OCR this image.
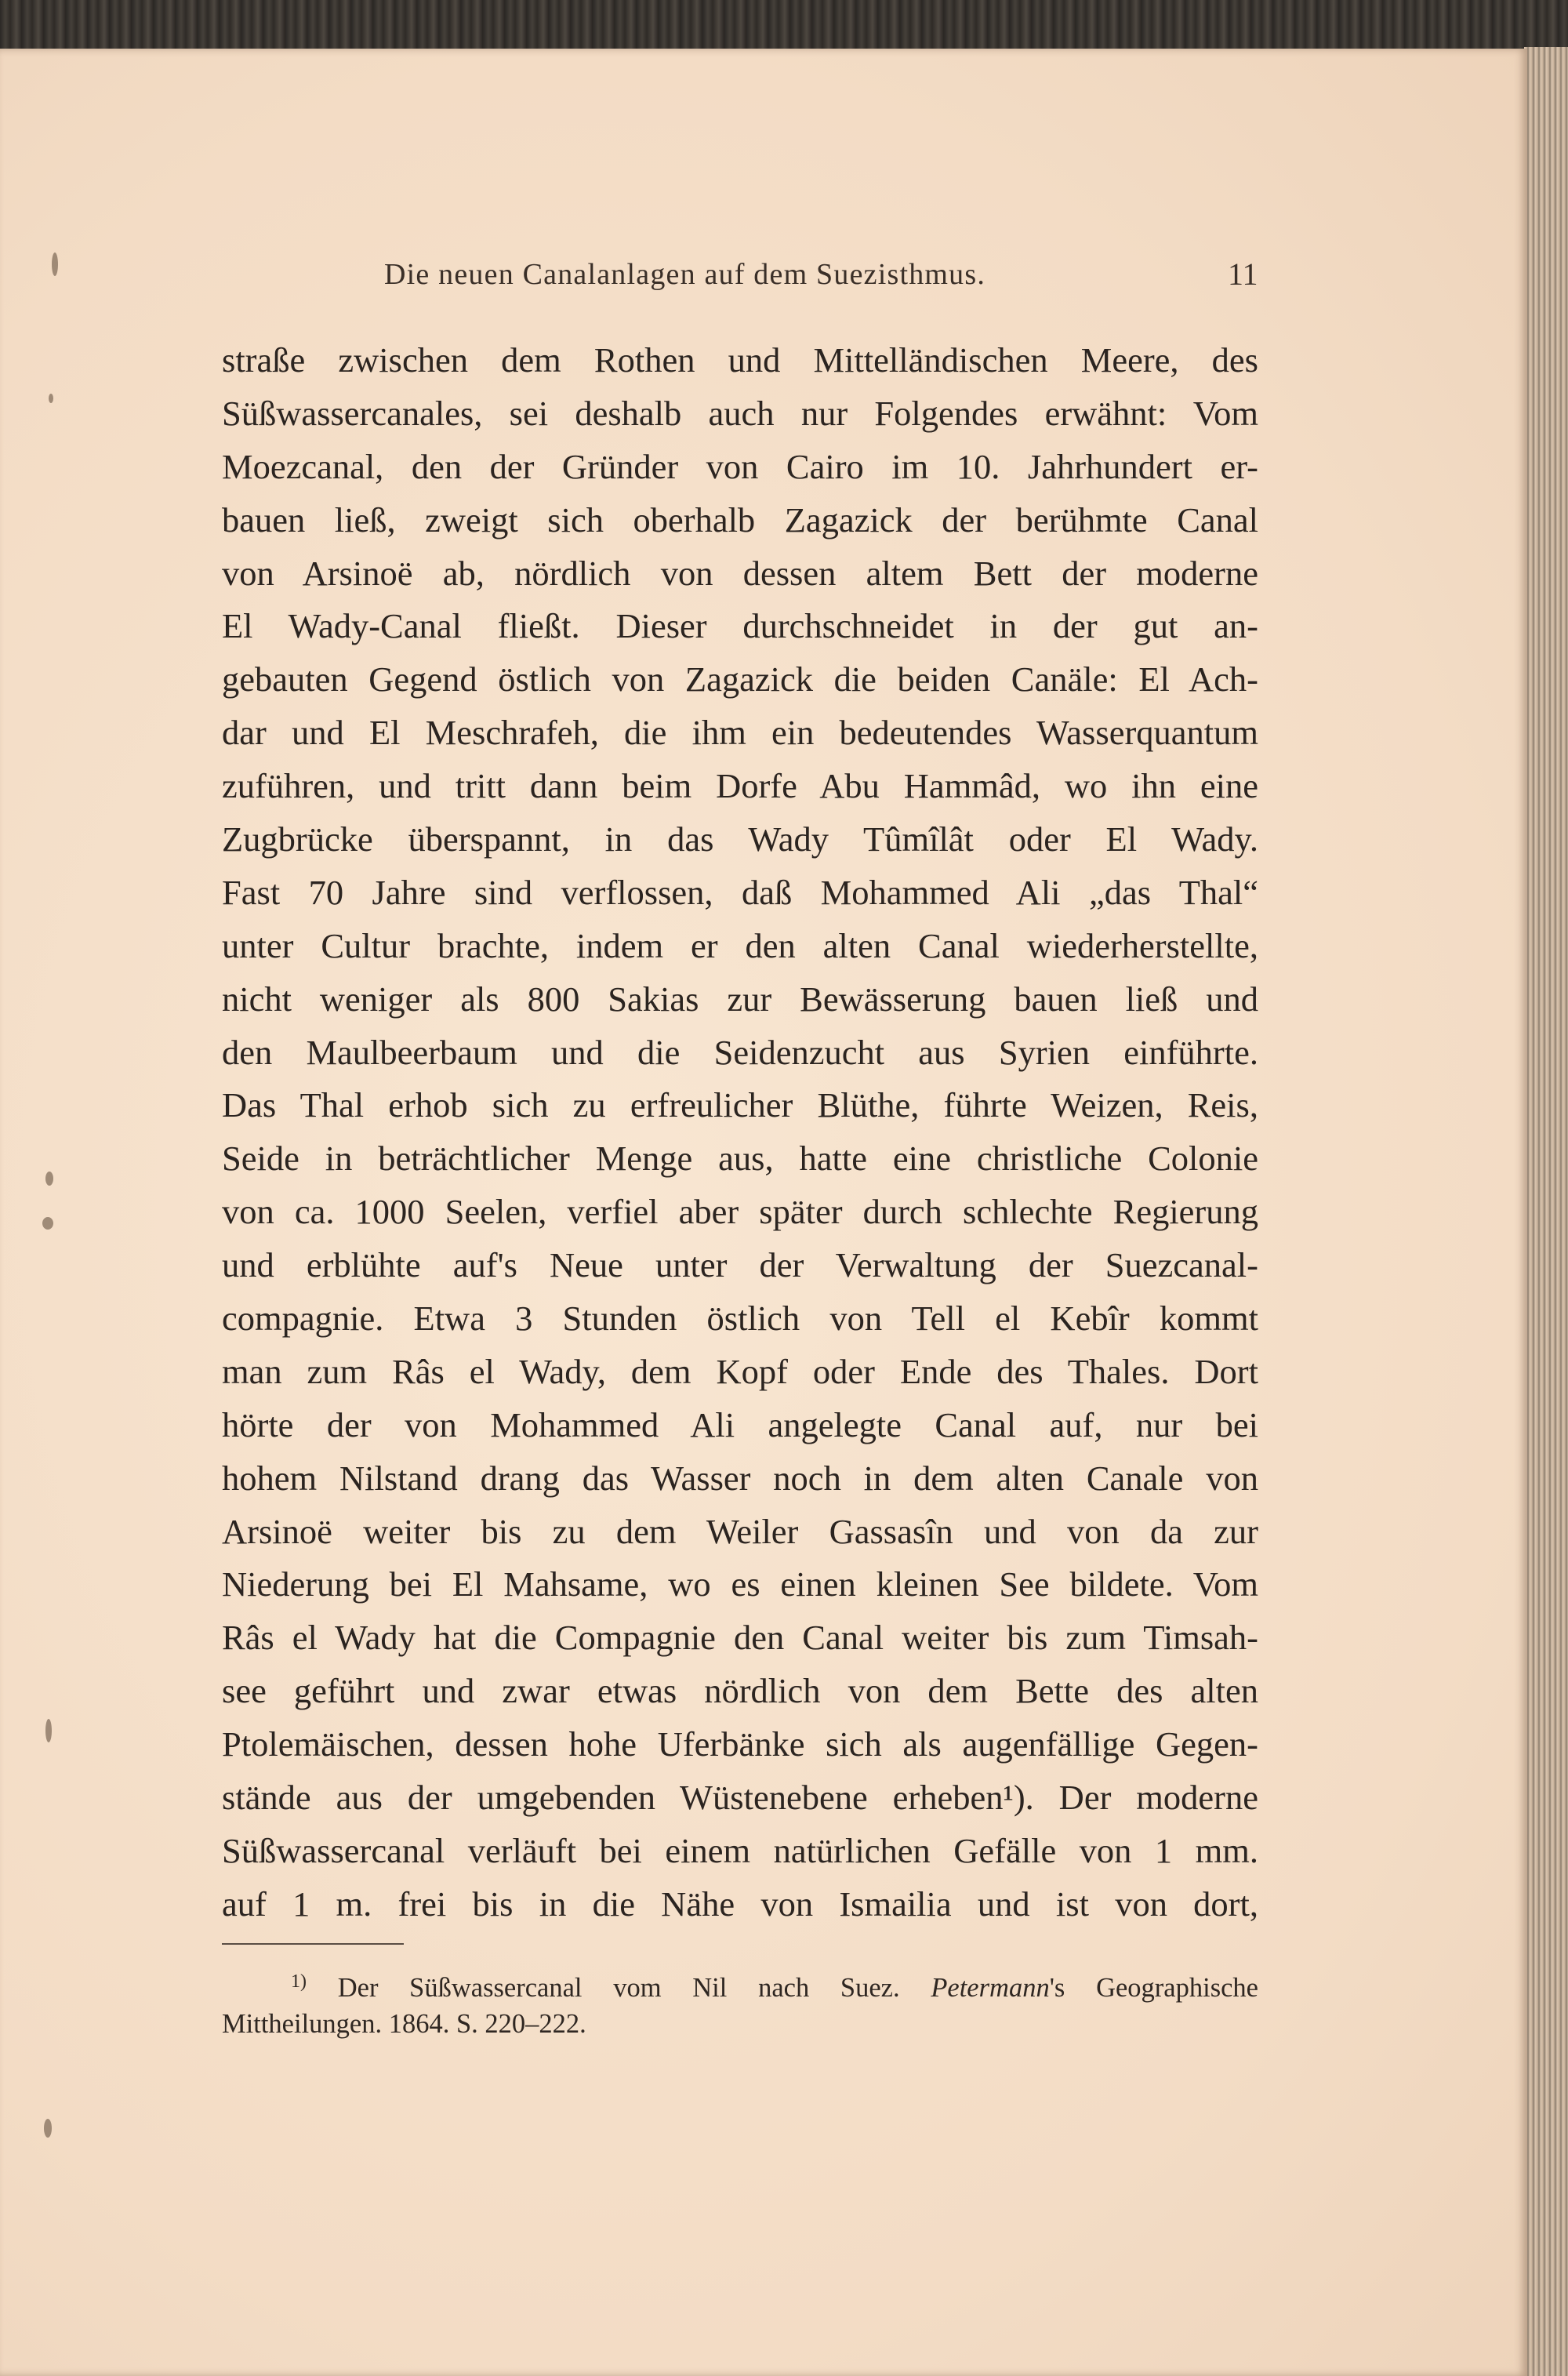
Die neuen Canalanlagen auf dem Suezisthmus.	11
straße zwischen dem Rothen und Mittelländischen Meere, des
Süßwassercanales, sei deshalb auch nur Folgendes erwähnt: Vom
Moezcanal, den der Gründer von Cairo im 10. Jahrhundert er-
bauen ließ, zweigt sich oberhalb Zagazick der berühmte Canal
von Arsinoë ab, nördlich von dessen altem Bett der moderne
El Wady-Canal fließt. Dieser durchschneidet in der gut an-
gebauten Gegend östlich von Zagazick die beiden Canäle: El Ach-
dar und El Meschrafeh, die ihm ein bedeutendes Wasserquantum
zuführen, und tritt dann beim Dorfe Abu Hammâd, wo ihn eine
Zugbrücke überspannt, in das Wady Tûmîlât oder El Wady.
Fast 70 Jahre sind verflossen, daß Mohammed Ali „das Thal“
unter Cultur brachte, indem er den alten Canal wiederherstellte,
nicht weniger als 800 Sakias zur Bewässerung bauen ließ und
den Maulbeerbaum und die Seidenzucht aus Syrien einführte.
Das Thal erhob sich zu erfreulicher Blüthe, führte Weizen, Reis,
Seide in beträchtlicher Menge aus, hatte eine christliche Colonie
von ca. 1000 Seelen, verfiel aber später durch schlechte Regierung
und erblühte auf's Neue unter der Verwaltung der Suezcanal-
compagnie. Etwa 3 Stunden östlich von Tell el Kebîr kommt
man zum Râs el Wady, dem Kopf oder Ende des Thales. Dort
hörte der von Mohammed Ali angelegte Canal auf, nur bei
hohem Nilstand drang das Wasser noch in dem alten Canale von
Arsinoë weiter bis zu dem Weiler Gassasîn und von da zur
Niederung bei El Mahsame, wo es einen kleinen See bildete. Vom
Râs el Wady hat die Compagnie den Canal weiter bis zum Timsah-
see geführt und zwar etwas nördlich von dem Bette des alten
Ptolemäischen, dessen hohe Uferbänke sich als augenfällige Gegen-
stände aus der umgebenden Wüstenebene erheben¹). Der moderne
Süßwassercanal verläuft bei einem natürlichen Gefälle von 1 mm.
auf 1 m. frei bis in die Nähe von Ismailia und ist von dort,
$^{1)}$ Der Süßwassercanal vom Nil nach Suez. Petermann's Geographische
Mittheilungen. 1864. S. 220–222.
